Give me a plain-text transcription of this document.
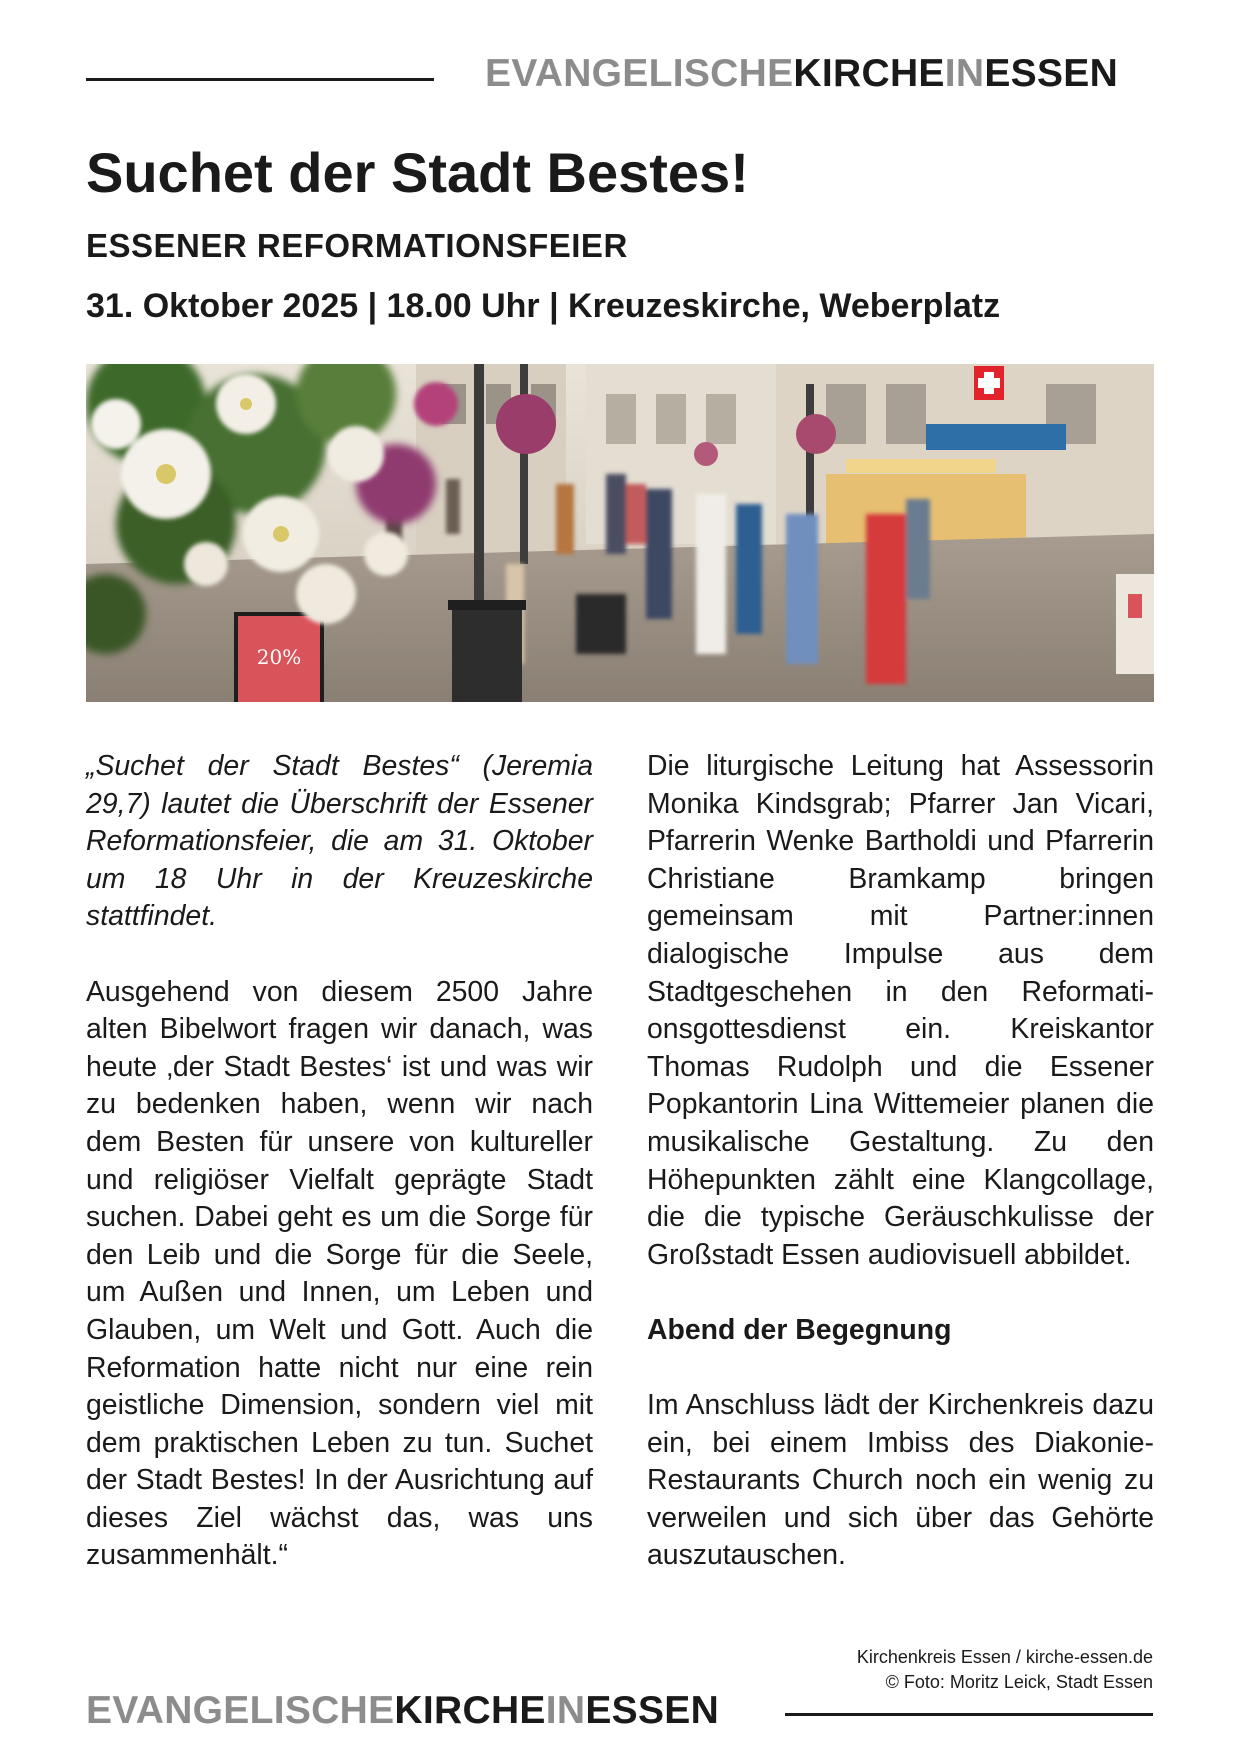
EVANGELISCHEKIRCHEINESSEN
Suchet der Stadt Bestes!
ESSENER REFORMATIONSFEIER
31. Oktober 2025 | 18.00 Uhr | Kreuzeskirche, Weberplatz
20%

„Suchet der Stadt Bestes“ (Jeremia 29,7) lautet die Überschrift der Essener Reformationsfeier, die am 31. Oktober um 18 Uhr in der Kreuzeskirche stattfindet.

Ausgehend von diesem 2500 Jahre alten Bibelwort fragen wir danach, was heute ‚der Stadt Bestes‘ ist und was wir zu bedenken haben, wenn wir nach dem Besten für unsere von kultureller und religiöser Vielfalt geprägte Stadt suchen. Dabei geht es um die Sorge für den Leib und die Sorge für die Seele, um Außen und Innen, um Leben und Glauben, um Welt und Gott. Auch die Reformation hatte nicht nur eine rein geistliche Dimension, sondern viel mit dem praktischen Leben zu tun. Suchet der Stadt Bestes! In der Ausrichtung auf dieses Ziel wächst das, was uns zusammenhält.“

Die liturgische Leitung hat Assessorin Monika Kindsgrab; Pfarrer Jan Vicari, Pfarrerin Wenke Bartholdi und Pfarrerin Christiane Bramkamp bringen gemeinsam mit Partner:innen dialogische Impulse aus dem Stadtgeschehen in den Reformationsgottesdienst ein. Kreiskantor Thomas Rudolph und die Essener Popkantorin Lina Wittemeier planen die musikalische Gestaltung. Zu den Höhepunkten zählt eine Klangcollage, die die typische Geräuschkulisse der Großstadt Essen audiovisuell abbildet.

Abend der Begegnung

Im Anschluss lädt der Kirchenkreis dazu ein, bei einem Imbiss des Diakonie-Restaurants Church noch ein wenig zu verweilen und sich über das Gehörte auszutauschen.

Kirchenkreis Essen / kirche-essen.de
© Foto: Moritz Leick, Stadt Essen
EVANGELISCHEKIRCHEINESSEN
